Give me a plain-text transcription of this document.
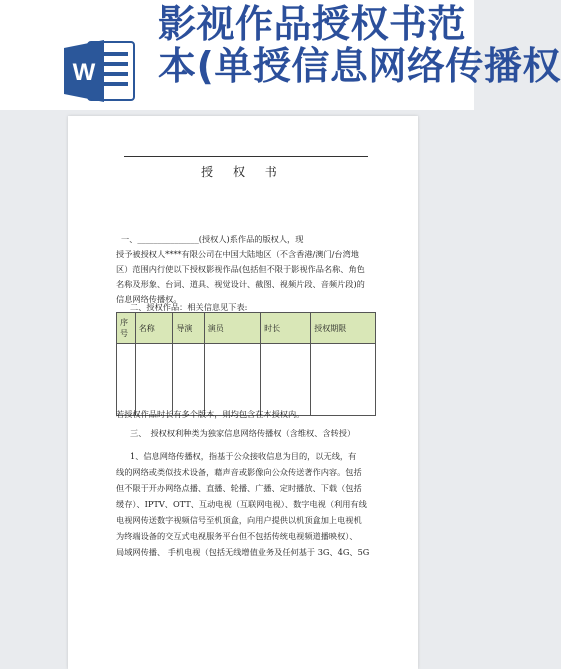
W
影视作品授权书范
本(单授信息网络传播权
授 权 书
一、_______________(授权人)系作品的版权人，现
授予被授权人****有限公司在中国大陆地区（不含香港/澳门/台湾地
区）范围内行使以下授权影视作品(包括但不限于影视作品名称、角色
名称及形象、台词、道具、视觉设计、截图、视频片段、音频片段)的
信息网络传播权。
二、授权作品：相关信息见下表:
序号	名称	导演	演员	时长	授权期限

若授权作品时长有多个版本，则均包含在本授权内。
三、　授权权利种类为独家信息网络传播权（含维权、含转授）
1、信息网络传播权，指基于公众接收信息为目的，以无线，有
线的网络或类似技术设备，藉声音或影像向公众传送著作内容。包括
但不限于开办网络点播、直播、轮播、广播、定时播放、下载（包括
缓存）、IPTV、OTT、互动电视（互联网电视）、数字电视（利用有线
电视网传送数字视频信号至机顶盒，向用户提供以机顶盒加上电视机
为终端设备的交互式电视服务平台但不包括传统电视频道播映权）、
局域网传播、 手机电视（包括无线增值业务及任何基于 3G、4G、5G
